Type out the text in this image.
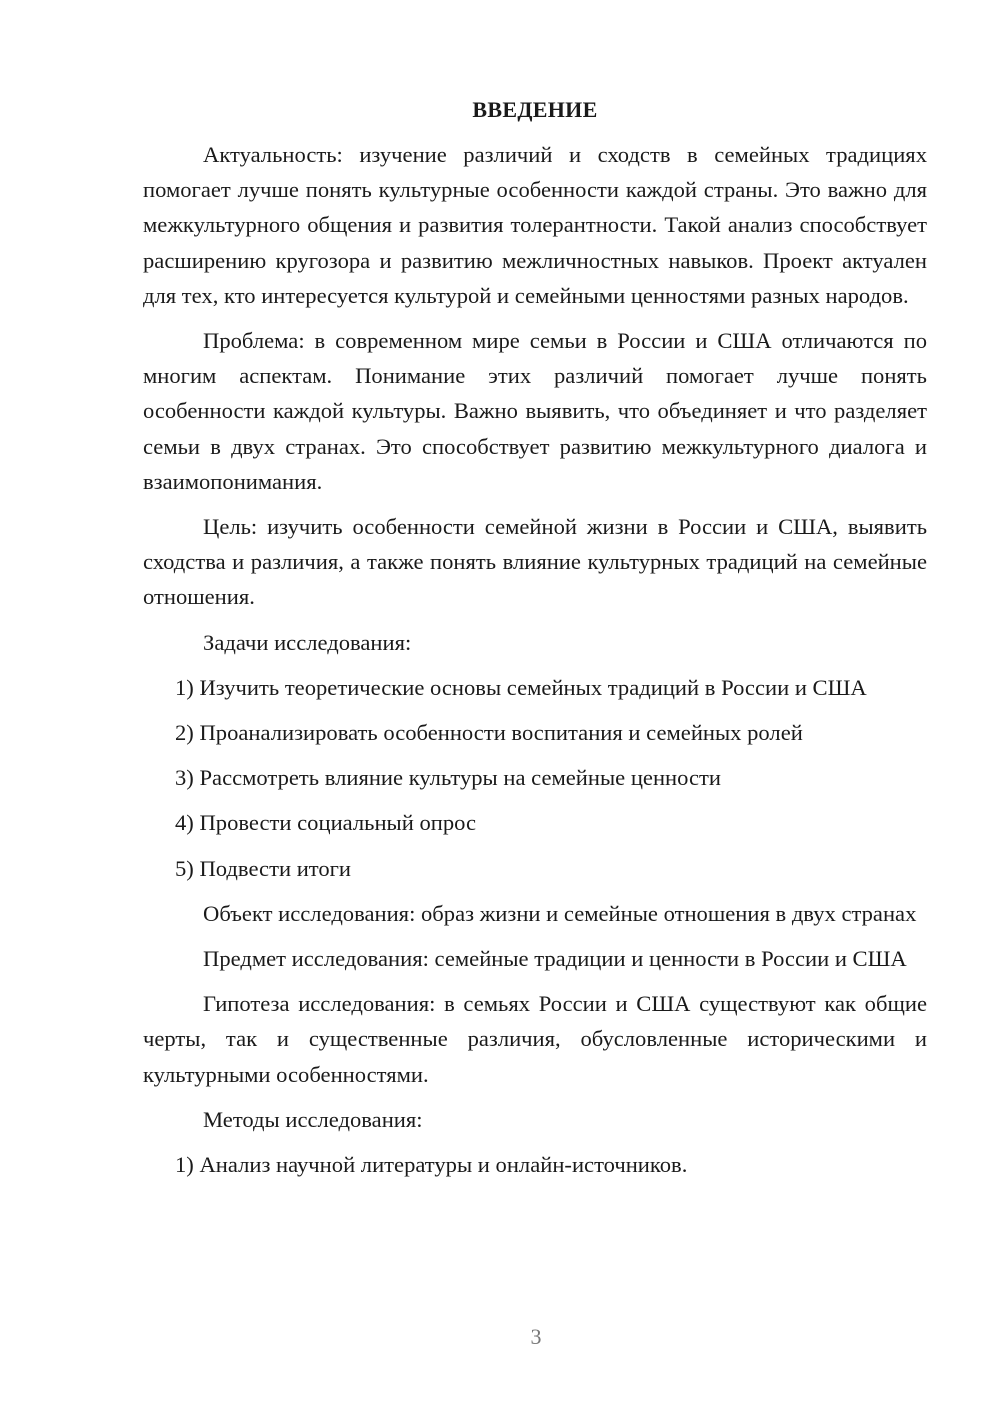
ВВЕДЕНИЕ

Актуальность: изучение различий и сходств в семейных традициях помогает лучше понять культурные особенности каждой страны. Это важно для межкультурного общения и развития толерантности. Такой анализ способствует расширению кругозора и развитию межличностных навыков. Проект актуален для тех, кто интересуется культурой и семейными ценностями разных народов.

Проблема: в современном мире семьи в России и США отличаются по многим аспектам. Понимание этих различий помогает лучше понять особенности каждой культуры. Важно выявить, что объединяет и что разделяет семьи в двух странах. Это способствует развитию межкультурного диалога и взаимопонимания.

Цель: изучить особенности семейной жизни в России и США, выявить сходства и различия, а также понять влияние культурных традиций на семейные отношения.

Задачи исследования:

1) Изучить теоретические основы семейных традиций в России и США

2) Проанализировать особенности воспитания и семейных ролей

3) Рассмотреть влияние культуры на семейные ценности

4) Провести социальный опрос

5) Подвести итоги

Объект исследования: образ жизни и семейные отношения в двух странах

Предмет исследования: семейные традиции и ценности в России и США

Гипотеза исследования: в семьях России и США существуют как общие черты, так и существенные различия, обусловленные историческими и культурными особенностями.

Методы исследования:

1) Анализ научной литературы и онлайн-источников.

3
